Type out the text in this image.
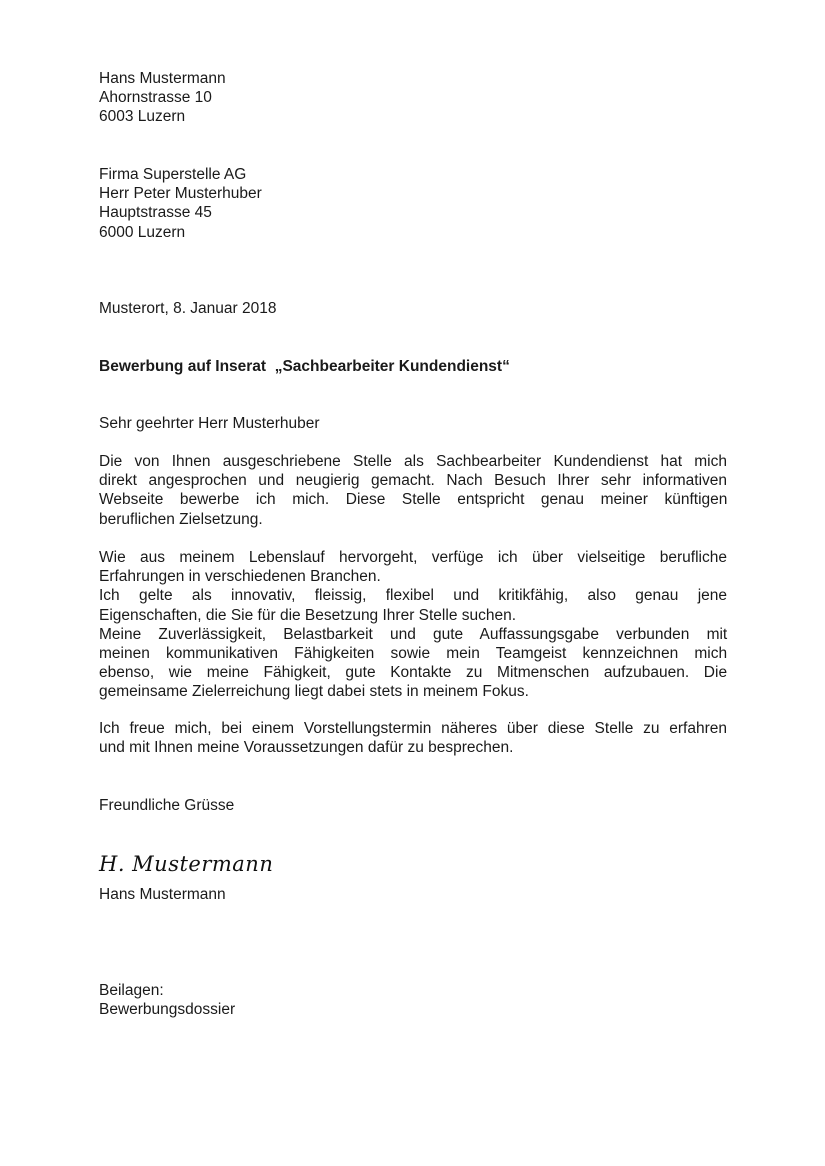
Hans Mustermann
Ahornstrasse 10
6003 Luzern
Firma Superstelle AG
Herr Peter Musterhuber
Hauptstrasse 45
6000 Luzern
Musterort, 8. Januar 2018
Bewerbung auf Inserat  „Sachbearbeiter Kundendienst“
Sehr geehrter Herr Musterhuber
Die von Ihnen ausgeschriebene Stelle als Sachbearbeiter Kundendienst hat mich
direkt angesprochen und neugierig gemacht. Nach Besuch Ihrer sehr informativen
Webseite bewerbe ich mich. Diese Stelle entspricht genau meiner künftigen
beruflichen Zielsetzung.
Wie aus meinem Lebenslauf hervorgeht, verfüge ich über vielseitige berufliche
Erfahrungen in verschiedenen Branchen.
Ich gelte als innovativ, fleissig, flexibel und kritikfähig, also genau jene
Eigenschaften, die Sie für die Besetzung Ihrer Stelle suchen.
Meine Zuverlässigkeit, Belastbarkeit und gute Auffassungsgabe verbunden mit
meinen kommunikativen Fähigkeiten sowie mein Teamgeist kennzeichnen mich
ebenso, wie meine Fähigkeit, gute Kontakte zu Mitmenschen aufzubauen. Die
gemeinsame Zielerreichung liegt dabei stets in meinem Fokus.
Ich freue mich, bei einem Vorstellungstermin näheres über diese Stelle zu erfahren
und mit Ihnen meine Voraussetzungen dafür zu besprechen.
Freundliche Grüsse
H. Mustermann
Hans Mustermann
Beilagen:
Bewerbungsdossier
